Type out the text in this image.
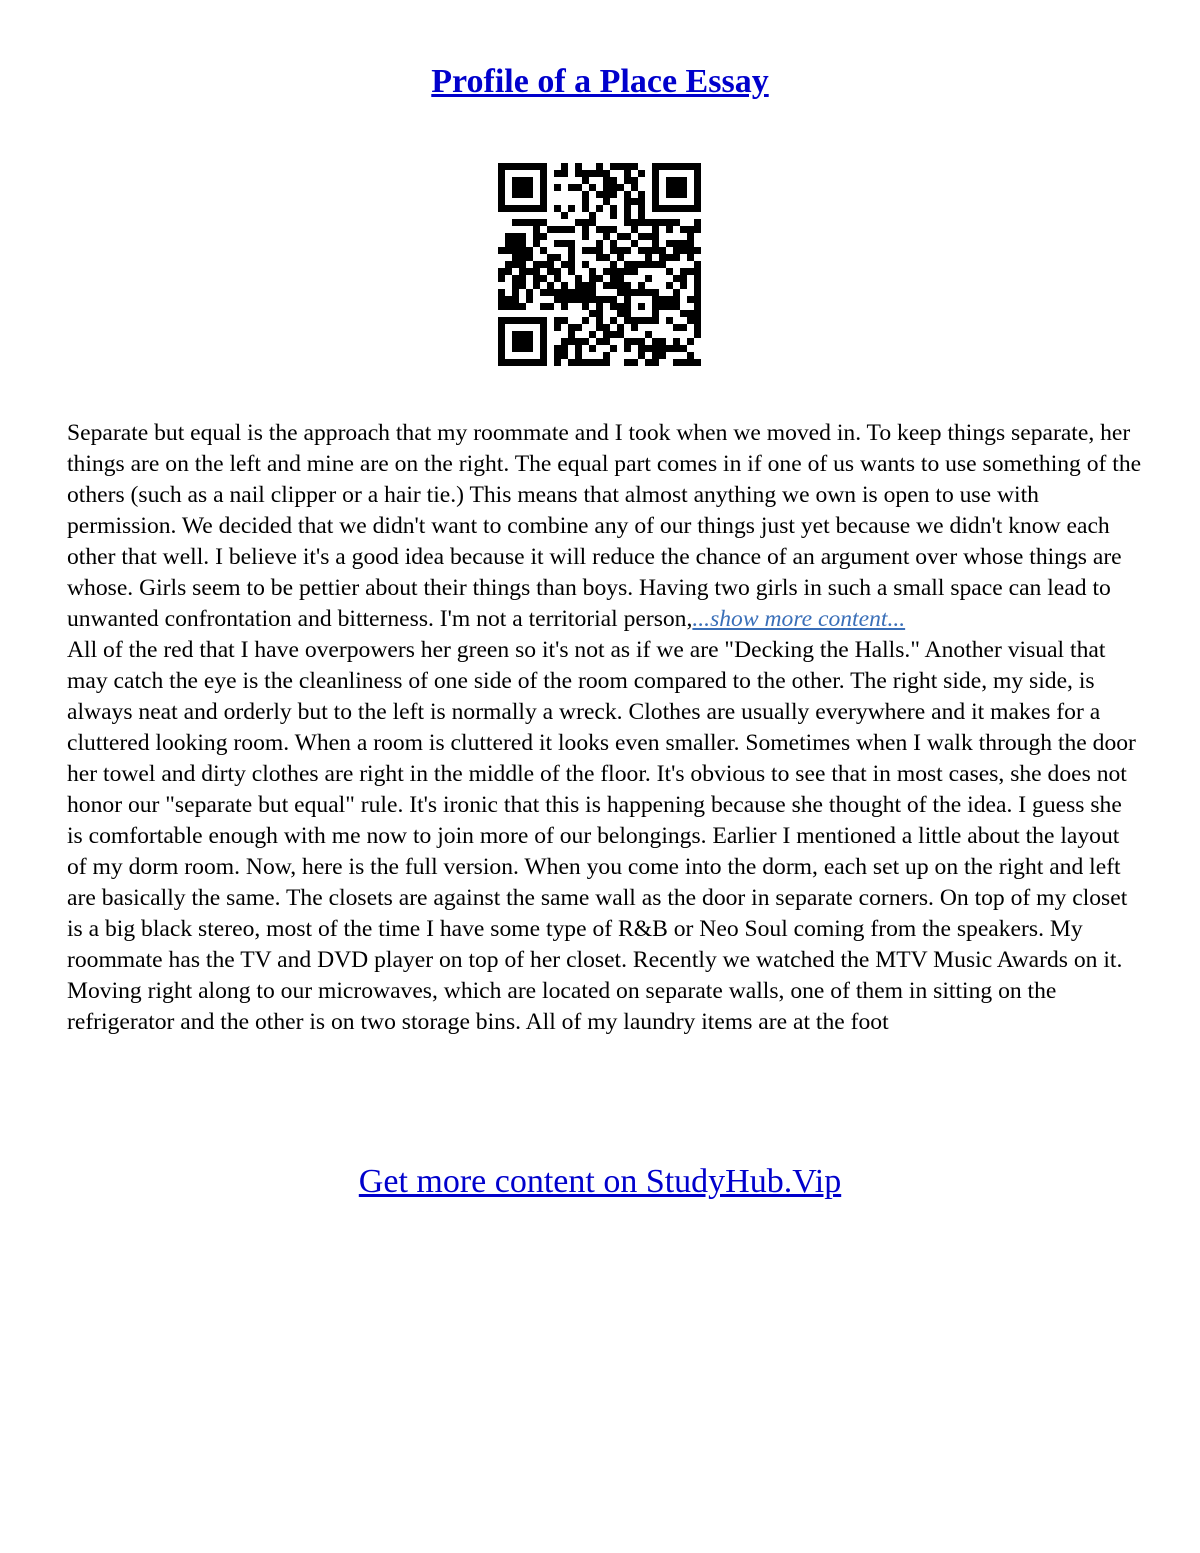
Profile of a Place Essay

Separate but equal is the approach that my roommate and I took when we moved in. To keep things separate, her things are on the left and mine are on the right. The equal part comes in if one of us wants to use something of the others (such as a nail clipper or a hair tie.) This means that almost anything we own is open to use with permission. We decided that we didn't want to combine any of our things just yet because we didn't know each other that well. I believe it's a good idea because it will reduce the chance of an argument over whose things are whose. Girls seem to be pettier about their things than boys. Having two girls in such a small space can lead to unwanted confrontation and bitterness. I'm not a territorial person,...show more content...

All of the red that I have overpowers her green so it's not as if we are "Decking the Halls." Another visual that may catch the eye is the cleanliness of one side of the room compared to the other. The right side, my side, is always neat and orderly but to the left is normally a wreck. Clothes are usually everywhere and it makes for a cluttered looking room. When a room is cluttered it looks even smaller. Sometimes when I walk through the door her towel and dirty clothes are right in the middle of the floor. It's obvious to see that in most cases, she does not honor our "separate but equal" rule. It's ironic that this is happening because she thought of the idea. I guess she is comfortable enough with me now to join more of our belongings. Earlier I mentioned a little about the layout of my dorm room. Now, here is the full version. When you come into the dorm, each set up on the right and left are basically the same. The closets are against the same wall as the door in separate corners. On top of my closet is a big black stereo, most of the time I have some type of R&B or Neo Soul coming from the speakers. My roommate has the TV and DVD player on top of her closet. Recently we watched the MTV Music Awards on it. Moving right along to our microwaves, which are located on separate walls, one of them in sitting on the refrigerator and the other is on two storage bins. All of my laundry items are at the foot

Get more content on StudyHub.Vip
